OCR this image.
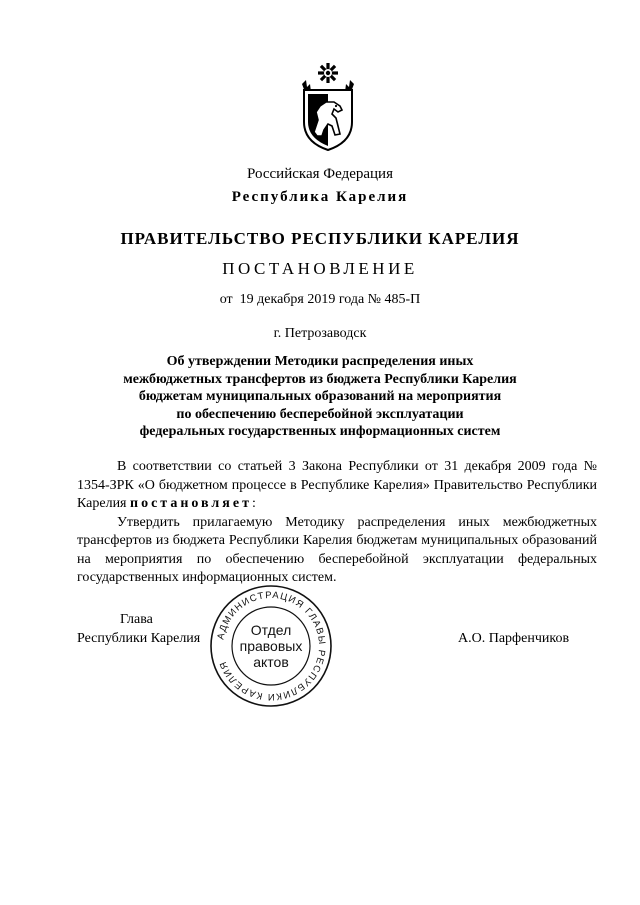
Российская Федерация
Республика Карелия
ПРАВИТЕЛЬСТВО РЕСПУБЛИКИ КАРЕЛИЯ
ПОСТАНОВЛЕНИЕ
от  19 декабря 2019 года № 485-П
г. Петрозаводск
Об утверждении Методики распределения иных
межбюджетных трансфертов из бюджета Республики Карелия
бюджетам муниципальных образований на мероприятия
по обеспечению бесперебойной эксплуатации
федеральных государственных информационных систем

В соответствии со статьей 3 Закона Республики от 31 декабря 2009 года № 1354-ЗРК «О бюджетном процессе в Республике Карелия» Правительство Республики Карелия постановляет:

Утвердить прилагаемую Методику распределения иных межбюджетных трансфертов из бюджета Республики Карелия бюджетам муниципальных образований на мероприятия по обеспечению бесперебойной эксплуатации федеральных государственных информационных систем.

Глава
Республики Карелия	А.О. Парфенчиков
АДМИНИСТРАЦИЯ ГЛАВЫ РЕСПУБЛИКИ КАРЕЛИЯ
Отдел
правовых
актов
